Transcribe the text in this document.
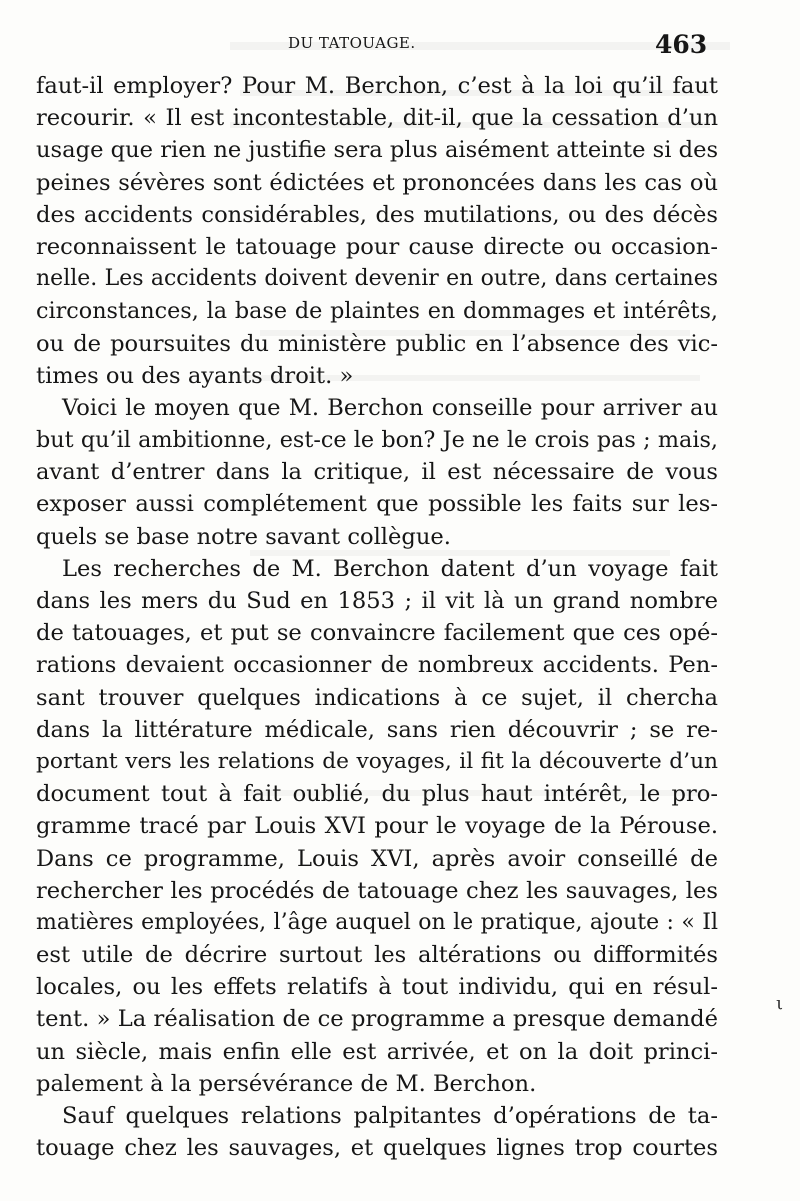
DU TATOUAGE.	463
faut-il employer? Pour M. Berchon, c’est à la loi qu’il faut
recourir. « Il est incontestable, dit-il, que la cessation d’un
usage que rien ne justifie sera plus aisément atteinte si des
peines sévères sont édictées et prononcées dans les cas où
des accidents considérables, des mutilations, ou des décès
reconnaissent le tatouage pour cause directe ou occasion-
nelle. Les accidents doivent devenir en outre, dans certaines
circonstances, la base de plaintes en dommages et intérêts,
ou de poursuites du ministère public en l’absence des vic-
times ou des ayants droit. »
Voici le moyen que M. Berchon conseille pour arriver au
but qu’il ambitionne, est-ce le bon? Je ne le crois pas ; mais,
avant d’entrer dans la critique, il est nécessaire de vous
exposer aussi complétement que possible les faits sur les-
quels se base notre savant collègue.
Les recherches de M. Berchon datent d’un voyage fait
dans les mers du Sud en 1853 ; il vit là un grand nombre
de tatouages, et put se convaincre facilement que ces opé-
rations devaient occasionner de nombreux accidents. Pen-
sant trouver quelques indications à ce sujet, il chercha
dans la littérature médicale, sans rien découvrir ; se re-
portant vers les relations de voyages, il fit la découverte d’un
document tout à fait oublié, du plus haut intérêt, le pro-
gramme tracé par Louis XVI pour le voyage de la Pérouse.
Dans ce programme, Louis XVI, après avoir conseillé de
rechercher les procédés de tatouage chez les sauvages, les
matières employées, l’âge auquel on le pratique, ajoute : « Il
est utile de décrire surtout les altérations ou difformités
locales, ou les effets relatifs à tout individu, qui en résul-
tent. » La réalisation de ce programme a presque demandé
un siècle, mais enfin elle est arrivée, et on la doit princi-
palement à la persévérance de M. Berchon.
Sauf quelques relations palpitantes d’opérations de ta-
touage chez les sauvages, et quelques lignes trop courtes
ι
